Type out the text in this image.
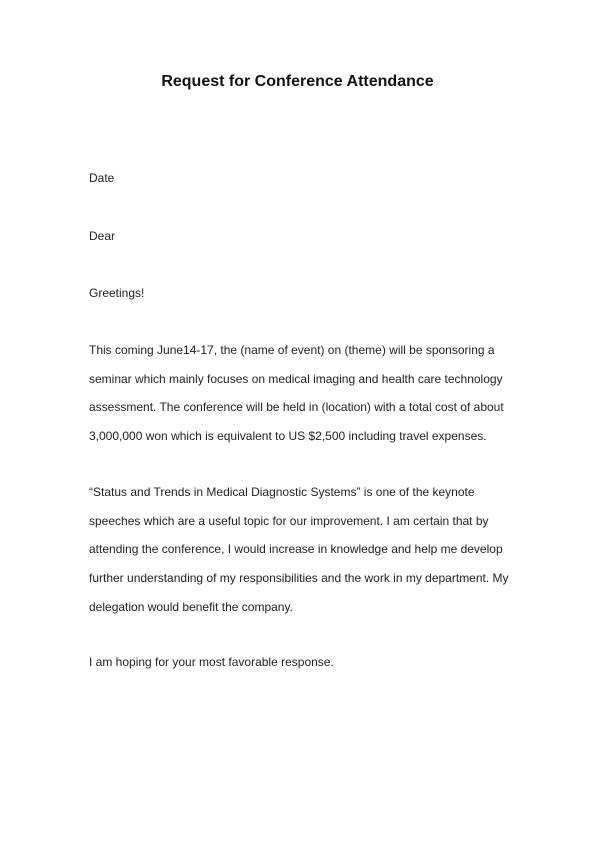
Request for Conference Attendance

Date

Dear

Greetings!

This coming June14-17, the (name of event) on (theme) will be sponsoring a
seminar which mainly focuses on medical imaging and health care technology
assessment. The conference will be held in (location) with a total cost of about
3,000,000 won which is equivalent to US $2,500 including travel expenses.
“Status and Trends in Medical Diagnostic Systems” is one of the keynote
speeches which are a useful topic for our improvement. I am certain that by
attending the conference, I would increase in knowledge and help me develop
further understanding of my responsibilities and the work in my department. My
delegation would benefit the company.

I am hoping for your most favorable response.
